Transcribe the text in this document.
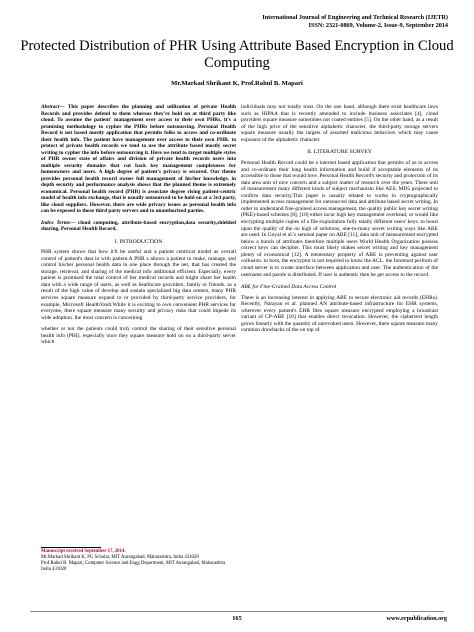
International Journal of Engineering and Technical Research (IJETR)
ISSN: 2321-0869, Volume-2, Issue-9, September 2014
Protected Distribution of PHR Using Attribute Based Encryption in Cloud Computing
Mr.Markad Shrikant K, Prof.Rahul B. Mapari

Abstract— This paper describes the planning and utilization of private Health Records and provides defend to them whereas they're hold on at third party like cloud. To assume the patient' management over access to their own PHRs, it's a promising methodology to cypher the PHRs before outsourcing. Personal Health Record is net based mostly application that permits folks to access and co-ordinate their health info. The patient have management over access to their own PHR. to protect of private health records we tend to use the attribute based mostly secret writing to cypher the info before outsourcing it. Here we tend to target multiple styles of PHR owner state of affairs and division of private health records users into multiple security domains that cut back key management complexness for homeowners and users. A high degree of patient's privacy is secured. Our theme provides personal health record owner full management of his/her knowledge. in depth security and performance analysis shows that the planned theme is extremely economical. Personal health record (PHR) is associate degree rising patient-centric model of health info exchange, that is usually outsourced to be hold on at a 3rd party, like cloud suppliers. However, there are wide privacy issues as personal health info can be exposed to those third party servers and to unauthorized parties.

Index Terms— cloud computing, attribute-based encryption,data security,shielded sharing, Personal Health Record.

I. INTRODUCTION

PHR system shows that how it'll be useful and a patient centrical model as overall control of patient's data in with patient.A PHR s allows a patient to make, manage, and control his/her personal health data in one place through the net, that has created the storage, retrieval, and sharing of the medical info additional efficient. Especially, every patient is promised the total control of her medical records and might share her health data with a wide range of users, as well as healthcare providers, family or friends. as a result of the high value of develop and sustain specialized big data centers, many PHR services square measure expand to or provided by third-party service providers, for example, Microsoft HealthVault.While it is exciting to own convenient PHR services for everyone, there square measure many security and privacy risks that could impede its wide adoption. the most concern is concerning

whether or not the patients could truly control the sharing of their sensitive personal health info (PHI), especially once they square measure hold on on a third-party server which

individuals may not totally trust. On the one hand, although there exist healthcare laws such as HIPAA that is recently amended to include business associates [4], cloud providers square measure sometimes not coated entities [5]. On the other hand, as a result of the high price of the sensitive alphabetic character, the third-party storage servers square measure usually the targets of assorted malicious behaviors which may cause exposure of the alphabetic character.

II. LITERATURE SURVEY

Personal Health Record could be a internet based application that permits of us to access and co-ordinate their long health information and build if acceptable elements of its accessible to those that would love. Personal Health Record's security and protection of its data area unit of nice concern and a subject matter of research over the years. There unit of measurement many different kinds of subject mechanism like AES, MD5 projected to confirm data security.This paper is usually related to works in cryptographically implemented access management for outsourced data and attribute based secret writing. In order to understand fine-grained access management, the quality public key secret writing (PKE)-based schemes [8], [10] either incur high key management overhead, or would like encrypting multiple copies of a file exploitation fully totally different users' keys. to boost upon the quality of the on high of solutions, one-to-many secret writing ways like ABE are used. In Goyal et al.'s seminal paper on ABE [11], data unit of measurement encrypted below a bunch of attributes therefore multiple users World Health Organization possess correct keys can decipher. This must likely makes secret writing and key management plenty of economical [12]. A elementary property of ABE is preventing against user collusion. to boot, the encryptor is not required to know the ACL. the foremost perform of cloud server is to create interface between application and user. The authentication of the username and parole is distributed. If user is authentic then he get access to the record.

ABE for Fine-Grained Data Access Control

There is an increasing interest in applying ABE to secure electronic aid records (EHRs). Recently, Narayan et al. planned AN attribute-based infrastructure for EHR systems, wherever every patient's EHR files square measure encrypted employing a broadcast variant of CP-ABE [16] that enables direct revocation. However, the ciphertext length grows linearly with the quantity of unrevoked users. However, there square measure many common drawbacks of the on top of

Manuscript received September 17, 2014.

Mr.Markad Shrikant K, PG Scholar, MIT Aurangabad, Maharashtra, India 431028

Prof.Rahul B. Mapari, Computer Science and Engg Department, MIT Aurangabad, Maharashtra India 431028

165	www.erpublication.org
